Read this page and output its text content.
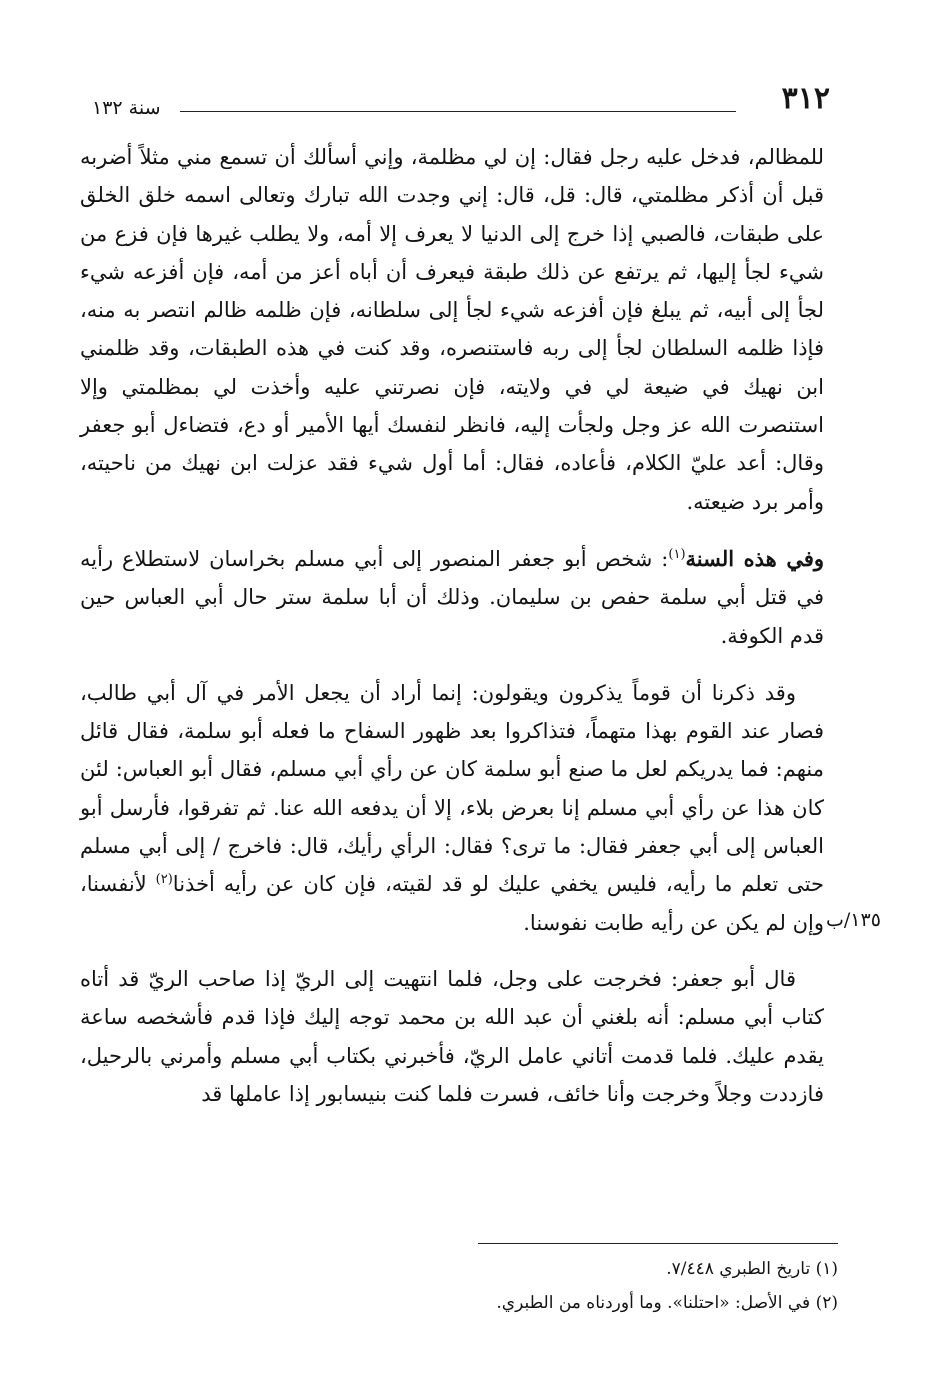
٣١٢
سنة ١٣٢

للمظالم، فدخل عليه رجل فقال: إن لي مظلمة، وإني أسألك أن تسمع مني مثلاً أضربه قبل أن أذكر مظلمتي، قال: قل، قال: إني وجدت الله تبارك وتعالى اسمه خلق الخلق على طبقات، فالصبي إذا خرج إلى الدنيا لا يعرف إلا أمه، ولا يطلب غيرها فإن فزع من شيء لجأ إليها، ثم يرتفع عن ذلك طبقة فيعرف أن أباه أعز من أمه، فإن أفزعه شيء لجأ إلى أبيه، ثم يبلغ فإن أفزعه شيء لجأ إلى سلطانه، فإن ظلمه ظالم انتصر به منه، فإذا ظلمه السلطان لجأ إلى ربه فاستنصره، وقد كنت في هذه الطبقات، وقد ظلمني ابن نهيك في ضيعة لي في ولايته، فإن نصرتني عليه وأخذت لي بمظلمتي وإلا استنصرت الله عز وجل ولجأت إليه، فانظر لنفسك أيها الأمير أو دع، فتضاءل أبو جعفر وقال: أعد عليّ الكلام، فأعاده، فقال: أما أول شيء فقد عزلت ابن نهيك من ناحيته، وأمر برد ضيعته.

وفي هذه السنة$^{(١)}$: شخص أبو جعفر المنصور إلى أبي مسلم بخراسان لاستطلاع رأيه في قتل أبي سلمة حفص بن سليمان. وذلك أن أبا سلمة ستر حال أبي العباس حين قدم الكوفة.

وقد ذكرنا أن قوماً يذكرون ويقولون: إنما أراد أن يجعل الأمر في آل أبي طالب، فصار عند القوم بهذا متهماً، فتذاكروا بعد ظهور السفاح ما فعله أبو سلمة، فقال قائل منهم: فما يدريكم لعل ما صنع أبو سلمة كان عن رأي أبي مسلم، فقال أبو العباس: لئن كان هذا عن رأي أبي مسلم إنا بعرض بلاء، إلا أن يدفعه الله عنا. ثم تفرقوا، فأرسل أبو العباس إلى أبي جعفر فقال: ما ترى؟ فقال: الرأي رأيك، قال: فاخرج / إلى أبي مسلم حتى تعلم ما رأيه، فليس يخفي عليك لو قد لقيته، فإن كان عن رأيه أخذنا$^{(٢)}$ لأنفسنا، وإن لم يكن عن رأيه طابت نفوسنا.

قال أبو جعفر: فخرجت على وجل، فلما انتهيت إلى الريّ إذا صاحب الريّ قد أتاه كتاب أبي مسلم: أنه بلغني أن عبد الله بن محمد توجه إليك فإذا قدم فأشخصه ساعة يقدم عليك. فلما قدمت أتاني عامل الريّ، فأخبرني بكتاب أبي مسلم وأمرني بالرحيل، فازددت وجلاً وخرجت وأنا خائف، فسرت فلما كنت بنيسابور إذا عاملها قد

١٣٥/ب

(١) تاريخ الطبري ٧/٤٤٨.

(٢) في الأصل: «احتلنا». وما أوردناه من الطبري.
